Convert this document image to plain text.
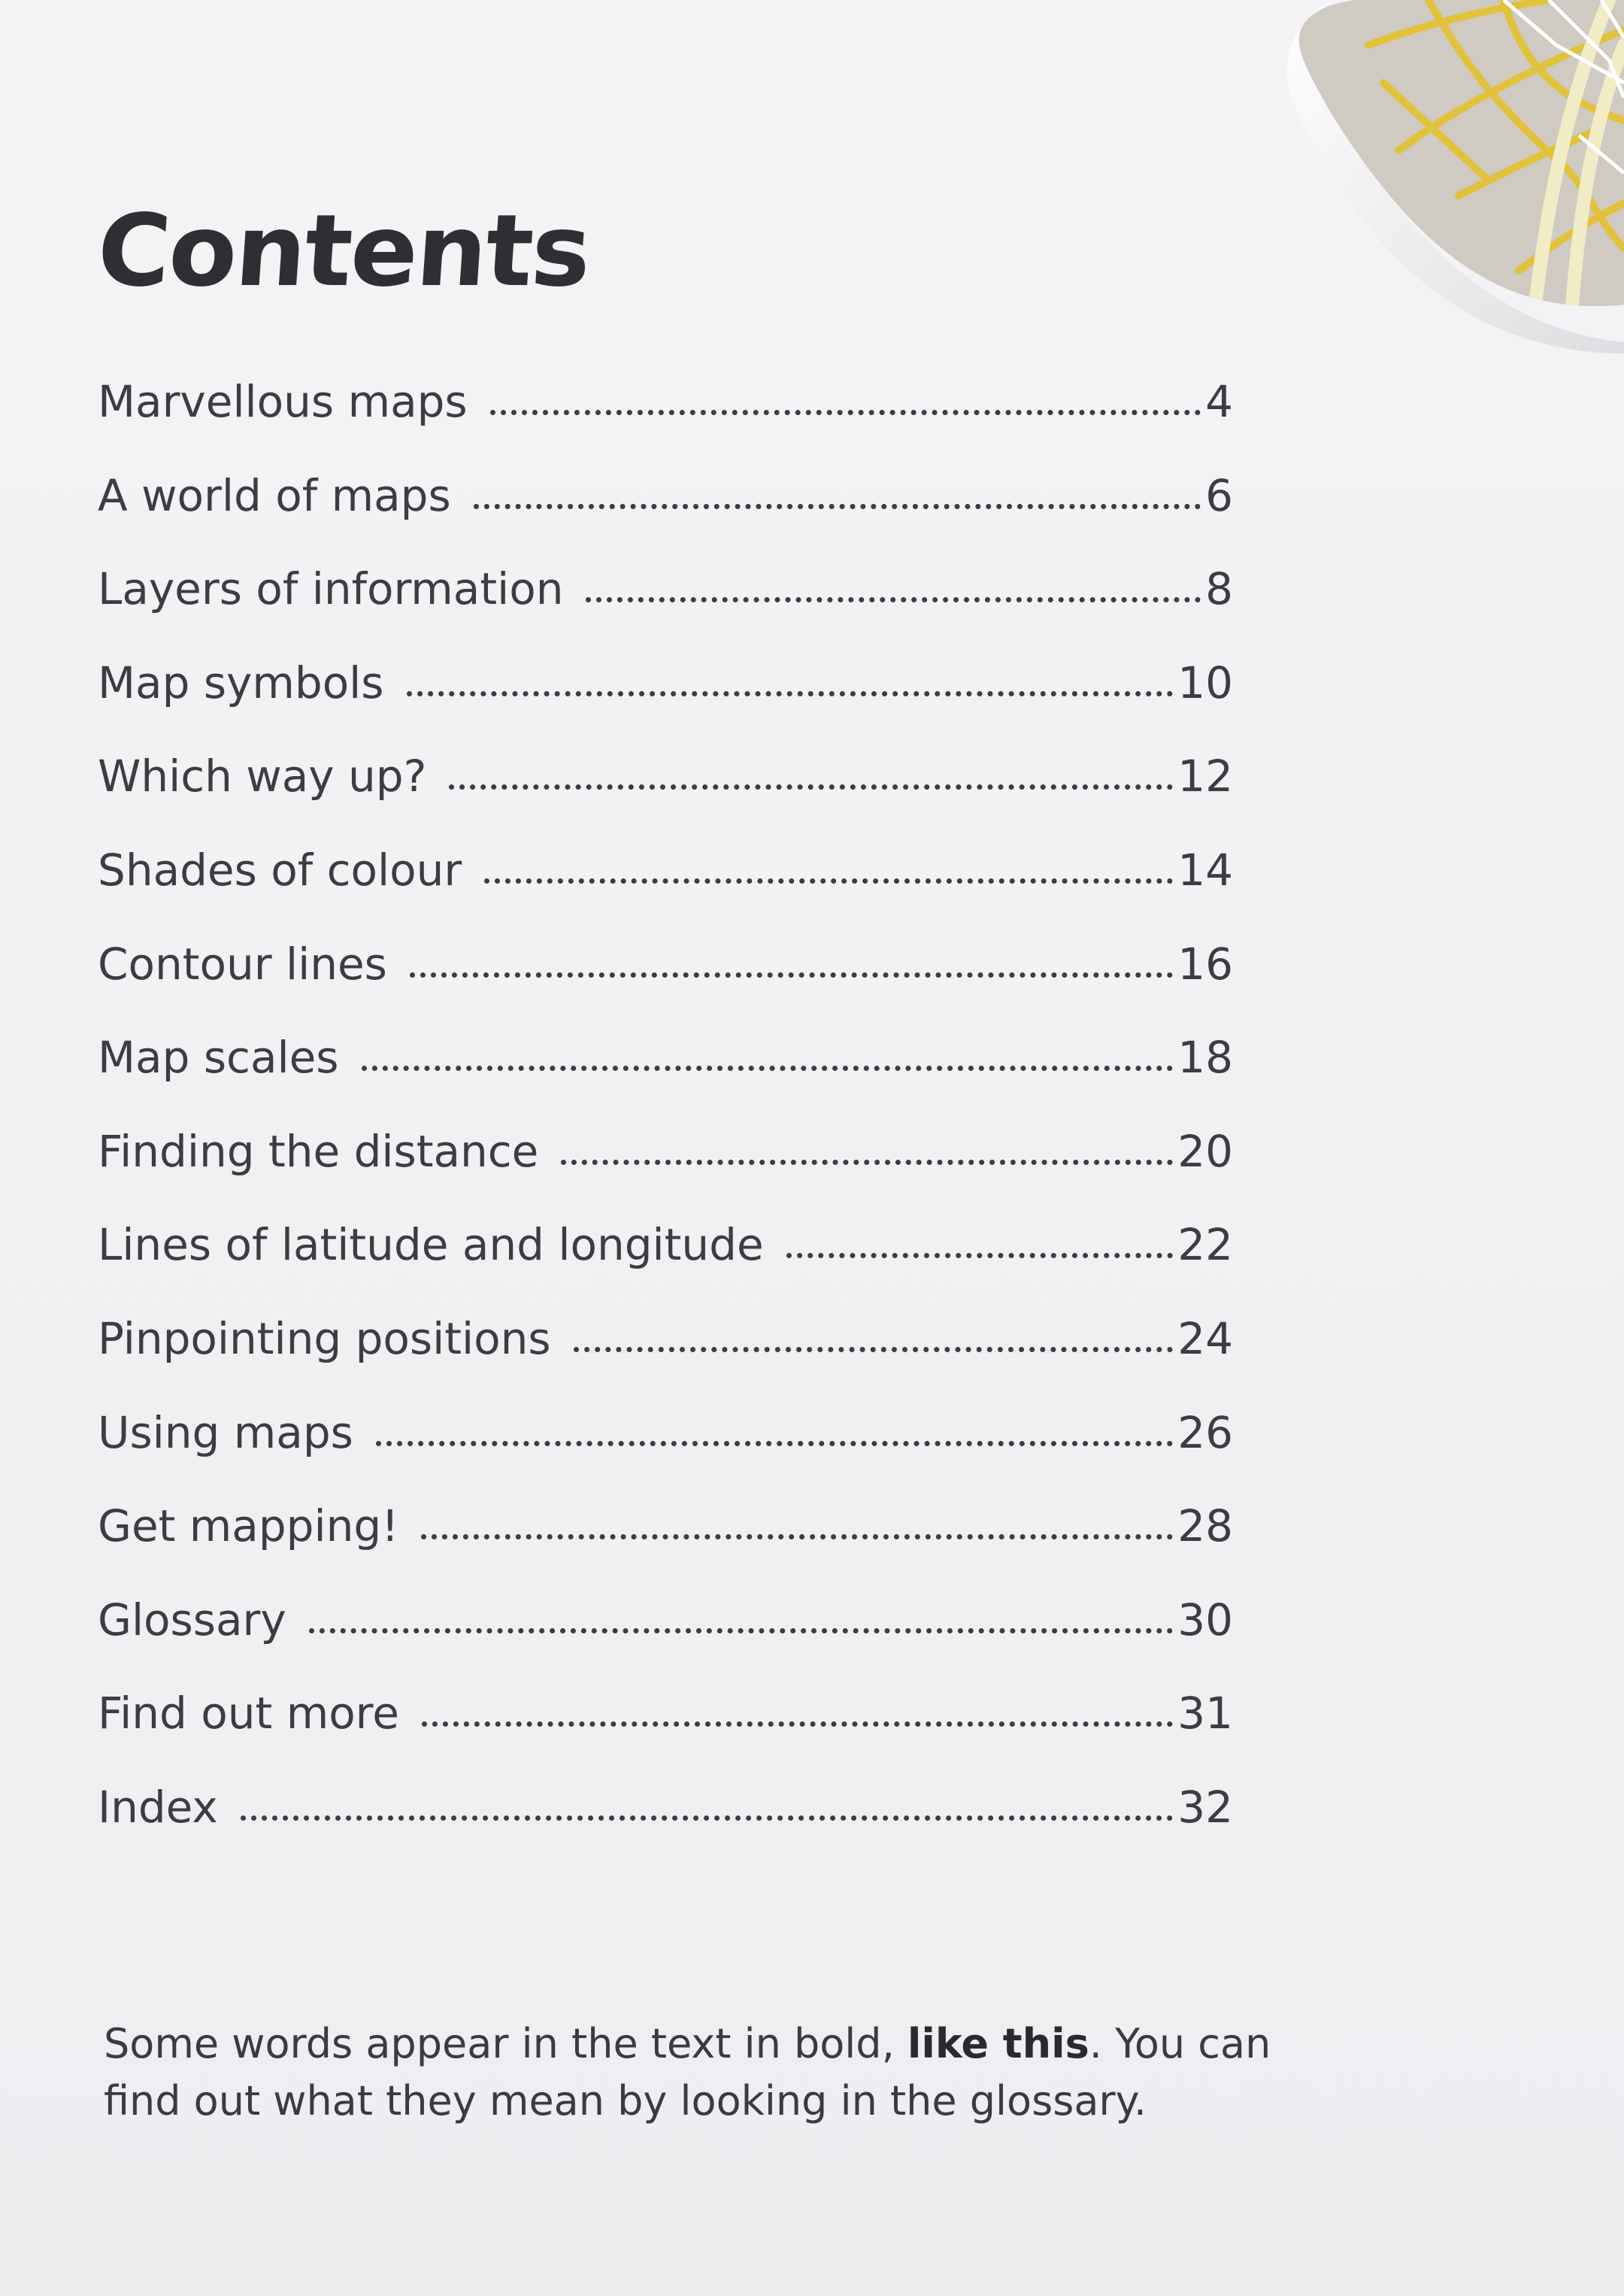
Contents
Marvellous maps	4
A world of maps	6
Layers of information	8
Map symbols	10
Which way up?	12
Shades of colour	14
Contour lines	16
Map scales	18
Finding the distance	20
Lines of latitude and longitude	22
Pinpointing positions	24
Using maps	26
Get mapping!	28
Glossary	30
Find out more	31
Index	32

Some words appear in the text in bold, like this. You can find out what they mean by looking in the glossary.
